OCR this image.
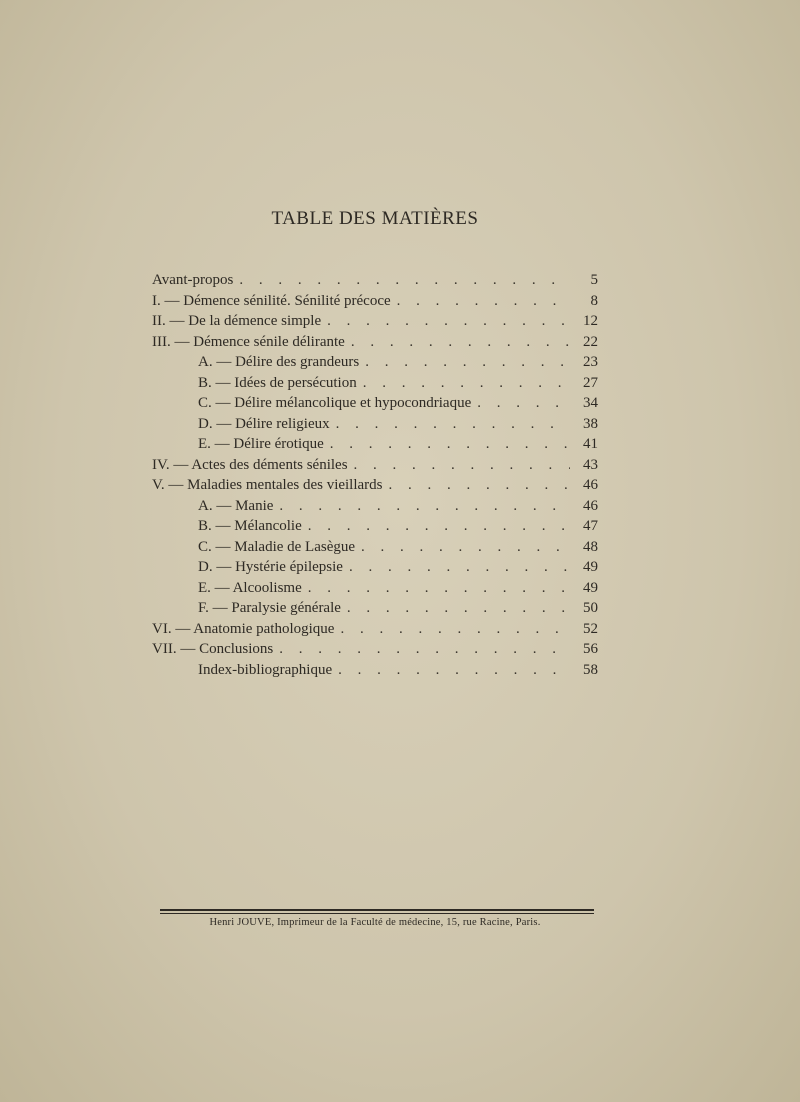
TABLE DES MATIÈRES
Avant-propos . . .	5
I. — Démence sénilité. Sénilité précoce . . .	8
II. — De la démence simple . . .	12
III. — Démence sénile délirante . . .	22
A. — Délire des grandeurs . . .	23
B. — Idées de persécution . . .	27
C. — Délire mélancolique et hypocondriaque . . .	34
D. — Délire religieux . . .	38
E. — Délire érotique . . .	41
IV. — Actes des déments séniles . . .	43
V. — Maladies mentales des vieillards . . .	46
A. — Manie . . .	46
B. — Mélancolie . . .	47
C. — Maladie de Lasègue . . .	48
D. — Hystérie épilepsie . . .	49
E. — Alcoolisme . . .	49
F. — Paralysie générale . . .	50
VI. — Anatomie pathologique . . .	52
VII. — Conclusions . . .	56
Index-bibliographique . . .	58
Henri JOUVE, Imprimeur de la Faculté de médecine, 15, rue Racine, Paris.
